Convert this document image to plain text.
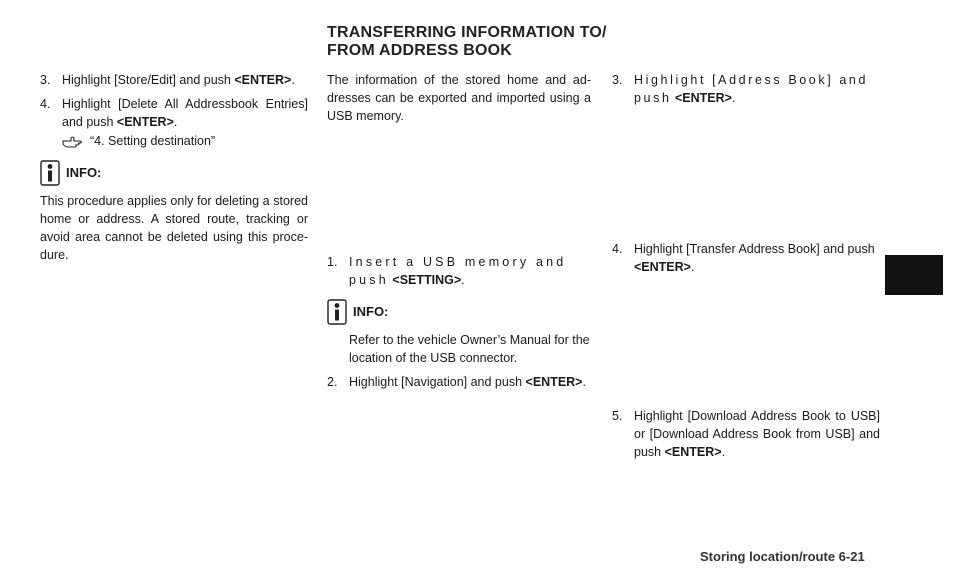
TRANSFERRING INFORMATION TO/
FROM ADDRESS BOOK

3. Highlight [Store/Edit] and push <ENTER>.

4. Highlight [Delete All Addressbook Entries] and push <ENTER>.

“4. Setting destination”
INFO:

This procedure applies only for deleting a stored home or address. A stored route, tracking or avoid area cannot be deleted using this proce-dure.

The information of the stored home and ad-dresses can be exported and imported using a USB memory.

1. Insert a USB memory and push <SETTING>.

INFO:

Refer to the vehicle Owner’s Manual for the location of the USB connector.

2. Highlight [Navigation] and push <ENTER>.

3. Highlight [Address Book] and push <ENTER>.

4. Highlight [Transfer Address Book] and push <ENTER>.

5. Highlight [Download Address Book to USB] or [Download Address Book from USB] and push <ENTER>.

Storing location/route 6-21
